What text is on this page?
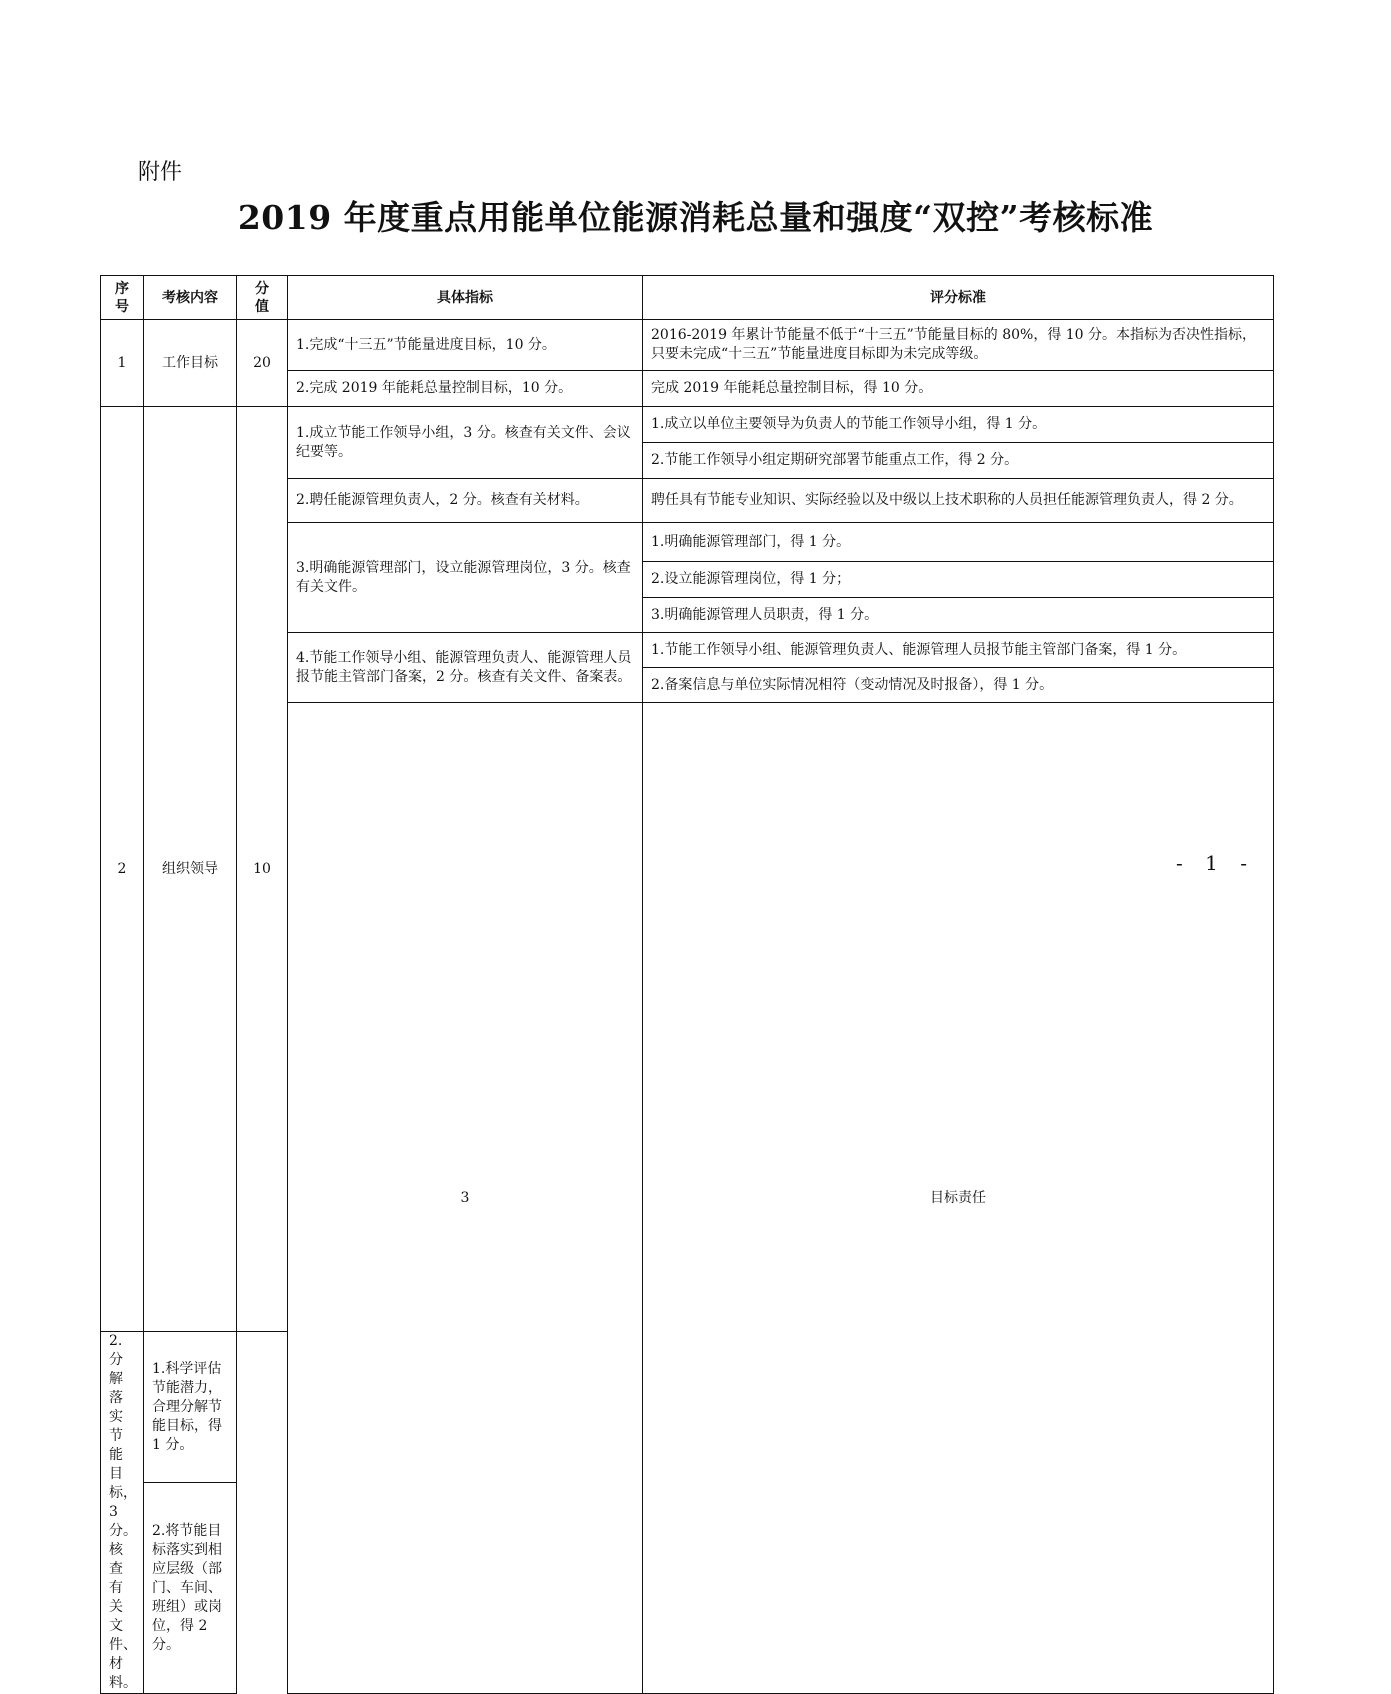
附件
2019 年度重点用能单位能源消耗总量和强度“双控”考核标准
序号	考核内容	分值	具体指标	评分标准	
1	工作目标	20	1.完成“十三五”节能量进度目标，10 分。	2016-2019 年累计节能量不低于“十三五”节能量目标的 80%，得 10 分。本指标为否决性指标，只要未完成“十三五”节能量进度目标即为未完成等级。	
			2.完成 2019 年能耗总量控制目标，10 分。	完成 2019 年能耗总量控制目标，得 10 分。	
2	组织领导	10	1.成立节能工作领导小组，3 分。核查有关文件、会议纪要等。	1.成立以单位主要领导为负责人的节能工作领导小组，得 1 分。	
				2.节能工作领导小组定期研究部署节能重点工作，得 2 分。	
			2.聘任能源管理负责人，2 分。核查有关材料。	聘任具有节能专业知识、实际经验以及中级以上技术职称的人员担任能源管理负责人，得 2 分。	
			3.明确能源管理部门，设立能源管理岗位，3 分。核查有关文件。	1.明确能源管理部门，得 1 分。	
				2.设立能源管理岗位，得 1 分；	
				3.明确能源管理人员职责，得 1 分。	
			4.节能工作领导小组、能源管理负责人、能源管理人员报节能主管部门备案，2 分。核查有关文件、备案表。	1.节能工作领导小组、能源管理负责人、能源管理人员报节能主管部门备案，得 1 分。	
				2.备案信息与单位实际情况相符（变动情况及时报备），得 1 分。	
			3	目标责任			

2.分解落实节能目标，3 分。核查有关文件、材料。	1.科学评估节能潜力，合理分解节能目标，得 1 分。				
	2.将节能目标落实到相应层级（部门、车间、班组）或岗位，得 2 分。				
- 1 -
